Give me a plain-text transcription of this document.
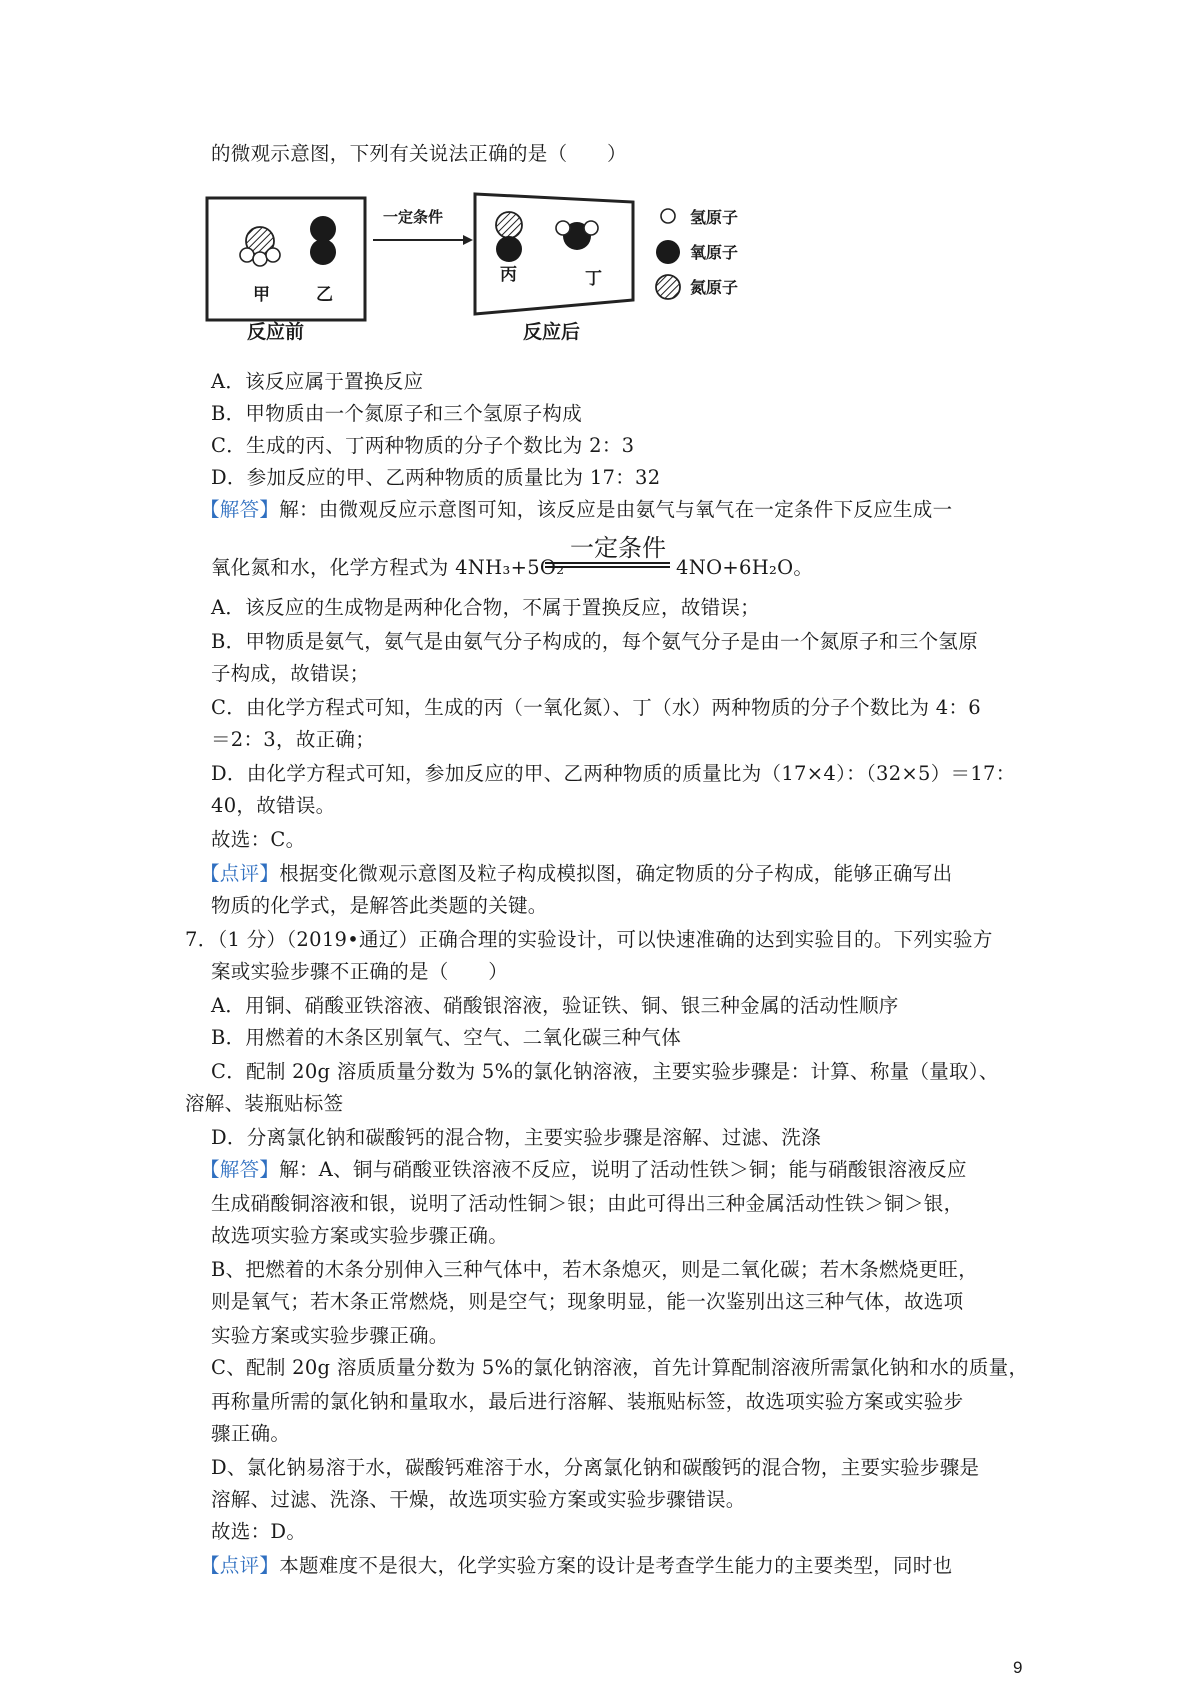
的微观示意图，下列有关说法正确的是（　　）
甲	乙
反应前
一定条件
丙	丁
反应后
氢原子
氧原子
氮原子
A．该反应属于置换反应
B．甲物质由一个氮原子和三个氢原子构成
C．生成的丙、丁两种物质的分子个数比为 2：3
D．参加反应的甲、乙两种物质的质量比为 17：32
【解答】解：由微观反应示意图可知，该反应是由氨气与氧气在一定条件下反应生成一
氧化氮和水，化学方程式为 4NH₃+5O₂
一定条件
4NO+6H₂O。
A．该反应的生成物是两种化合物，不属于置换反应，故错误；
B．甲物质是氨气，氨气是由氨气分子构成的，每个氨气分子是由一个氮原子和三个氢原
子构成，故错误；
C．由化学方程式可知，生成的丙（一氧化氮）、丁（水）两种物质的分子个数比为 4：6
＝2：3，故正确；
D．由化学方程式可知，参加反应的甲、乙两种物质的质量比为（17×4）：（32×5）＝17：
40，故错误。
故选：C。
【点评】根据变化微观示意图及粒子构成模拟图，确定物质的分子构成，能够正确写出
物质的化学式，是解答此类题的关键。
7．（1 分）（2019•通辽）正确合理的实验设计，可以快速准确的达到实验目的。下列实验方
案或实验步骤不正确的是（　　）
A．用铜、硝酸亚铁溶液、硝酸银溶液，验证铁、铜、银三种金属的活动性顺序
B．用燃着的木条区别氧气、空气、二氧化碳三种气体
C．配制 20g 溶质质量分数为 5%的氯化钠溶液，主要实验步骤是：计算、称量（量取）、
溶解、装瓶贴标签
D．分离氯化钠和碳酸钙的混合物，主要实验步骤是溶解、过滤、洗涤
【解答】解：A、铜与硝酸亚铁溶液不反应，说明了活动性铁＞铜；能与硝酸银溶液反应
生成硝酸铜溶液和银，说明了活动性铜＞银；由此可得出三种金属活动性铁＞铜＞银，
故选项实验方案或实验步骤正确。
B、把燃着的木条分别伸入三种气体中，若木条熄灭，则是二氧化碳；若木条燃烧更旺，
则是氧气；若木条正常燃烧，则是空气；现象明显，能一次鉴别出这三种气体，故选项
实验方案或实验步骤正确。
C、配制 20g 溶质质量分数为 5%的氯化钠溶液，首先计算配制溶液所需氯化钠和水的质量，
再称量所需的氯化钠和量取水，最后进行溶解、装瓶贴标签，故选项实验方案或实验步
骤正确。
D、氯化钠易溶于水，碳酸钙难溶于水，分离氯化钠和碳酸钙的混合物，主要实验步骤是
溶解、过滤、洗涤、干燥，故选项实验方案或实验步骤错误。
故选：D。
【点评】本题难度不是很大，化学实验方案的设计是考查学生能力的主要类型，同时也
9
